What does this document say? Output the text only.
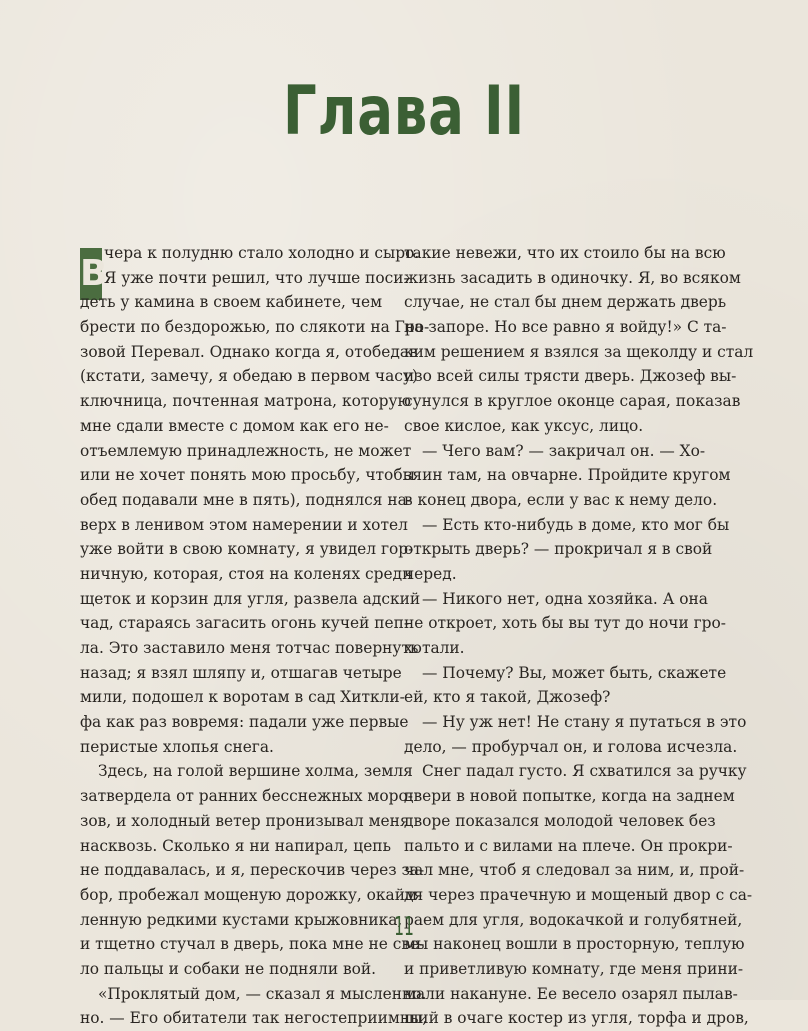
Глава II
В
чера к полудню стало холодно и сыро.
Я уже почти решил, что лучше поси-
деть у камина в своем кабинете, чем
брести по бездорожью, по слякоти на Гро-
зовой Перевал. Однако когда я, отобедав
(кстати, замечу, я обедаю в первом часу)
ключница, почтенная матрона, которую
мне сдали вместе с домом как его не-
отъемлемую принадлежность, не может
или не хочет понять мою просьбу, чтобы
обед подавали мне в пять), поднялся на-
верх в ленивом этом намерении и хотел
уже войти в свою комнату, я увидел гор-
ничную, которая, стоя на коленях среди
щеток и корзин для угля, развела адский
чад, стараясь загасить огонь кучей пеп-
ла. Это заставило меня тотчас повернуть
назад; я взял шляпу и, отшагав четыре
мили, подошел к воротам в сад Хиткли-
фа как раз вовремя: падали уже первые
перистые хлопья снега.
Здесь, на голой вершине холма, земля
затвердела от ранних бесснежных моро-
зов, и холодный ветер пронизывал меня
насквозь. Сколько я ни напирал, цепь
не поддавалась, и я, перескочив через за-
бор, пробежал мощеную дорожку, окайм-
ленную редкими кустами крыжовника,
и тщетно стучал в дверь, пока мне не све-
ло пальцы и собаки не подняли вой.
«Проклятый дом, — сказал я мысленно.
но. — Его обитатели так негостеприимны,
такие невежи, что их стоило бы на всю
жизнь засадить в одиночку. Я, во всяком
случае, не стал бы днем держать дверь
на запоре. Но все равно я войду!» С та-
ким решением я взялся за щеколду и стал
изо всей силы трясти дверь. Джозеф вы-
сунулся в круглое оконце сарая, показав
свое кислое, как уксус, лицо.
— Чего вам? — закричал он. — Хо-
зяин там, на овчарне. Пройдите кругом
в конец двора, если у вас к нему дело.
— Есть кто-нибудь в доме, кто мог бы
открыть дверь? — прокричал я в свой
черед.
— Никого нет, одна хозяйка. А она
не откроет, хоть бы вы тут до ночи гро-
хотали.
— Почему? Вы, может быть, скажете
ей, кто я такой, Джозеф?
— Ну уж нет! Не стану я путаться в это
дело, — пробурчал он, и голова исчезла.
Снег падал густо. Я схватился за ручку
двери в новой попытке, когда на заднем
дворе показался молодой человек без
пальто и с вилами на плече. Он прокри-
чал мне, чтоб я следовал за ним, и, прой-
дя через прачечную и мощеный двор с са-
раем для угля, водокачкой и голубятней,
мы наконец вошли в просторную, теплую
и приветливую комнату, где меня прини-
мали накануне. Ее весело озарял пылав-
ший в очаге костер из угля, торфа и дров,
11
